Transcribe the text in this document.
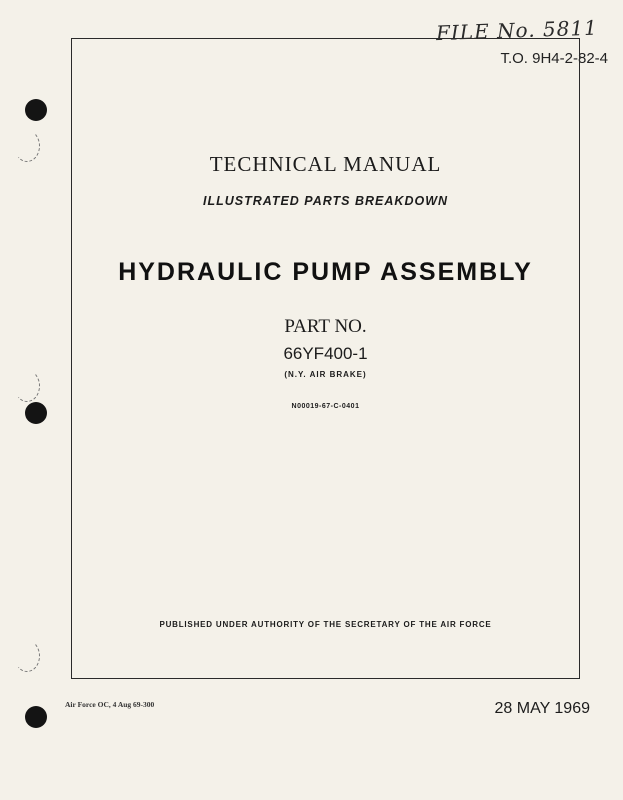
FILE No. 5811
T.O. 9H4-2-82-4
TECHNICAL MANUAL
ILLUSTRATED PARTS BREAKDOWN
HYDRAULIC PUMP ASSEMBLY
PART NO.
66YF400-1
(N.Y. AIR BRAKE)
N00019-67-C-0401
PUBLISHED UNDER AUTHORITY OF THE SECRETARY OF THE AIR FORCE
Air Force OC, 4 Aug 69-300	28 MAY 1969
